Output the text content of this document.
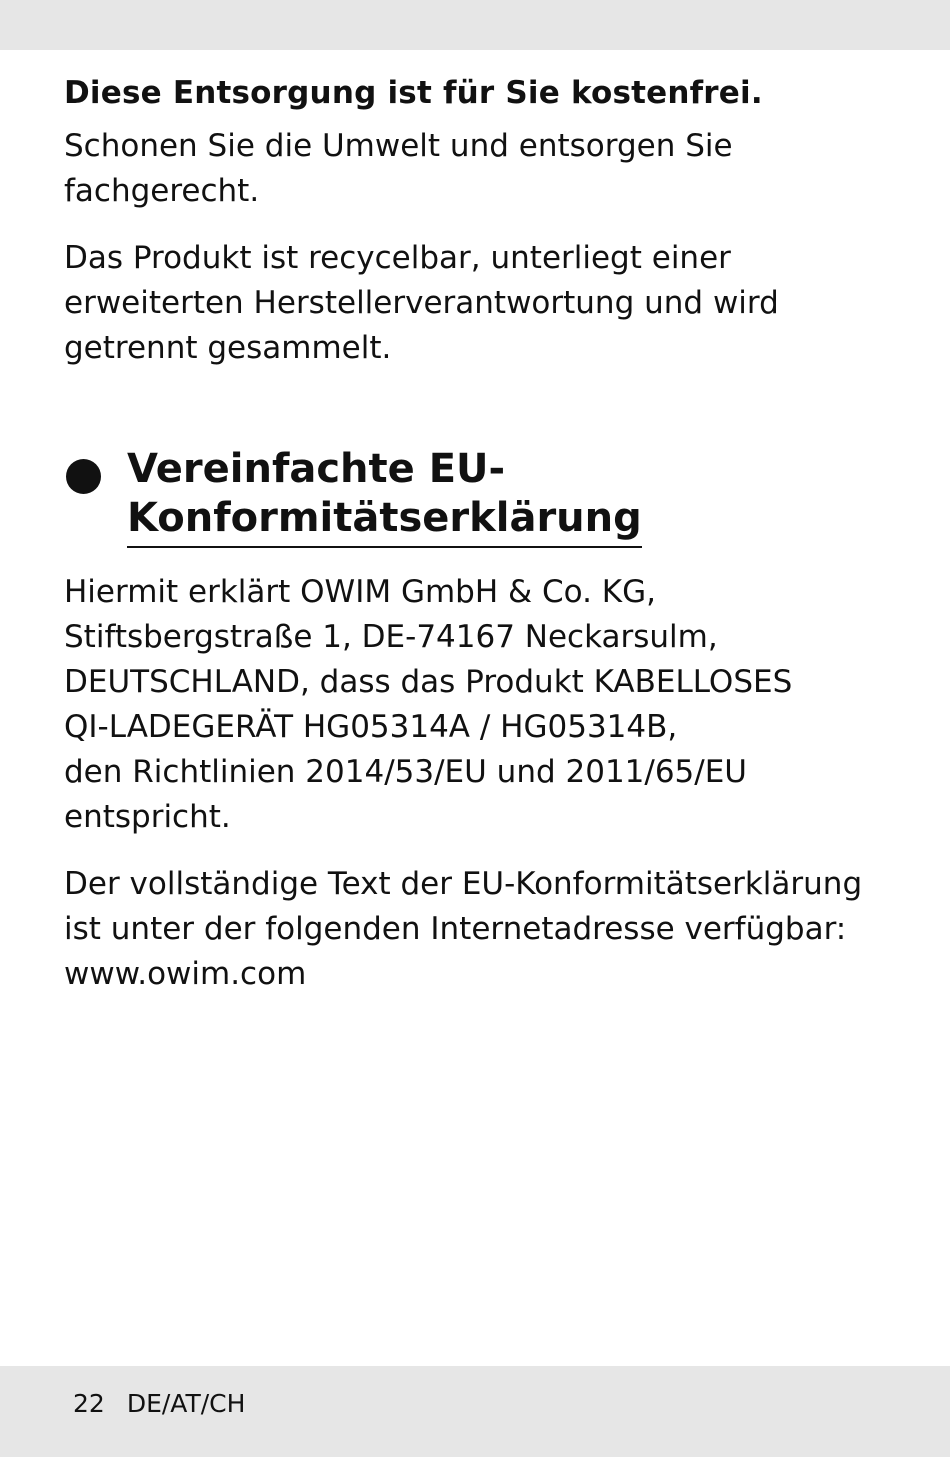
Diese Entsorgung ist für Sie kostenfrei.

Schonen Sie die Umwelt und entsorgen Sie
fachgerecht.

Das Produkt ist recycelbar, unterliegt einer
erweiterten Herstellerverantwortung und wird
getrennt gesammelt.

Vereinfachte EU-
Konformitätserklärung

Hiermit erklärt OWIM GmbH & Co. KG,
Stiftsbergstraße 1, DE-74167 Neckarsulm,
DEUTSCHLAND, dass das Produkt KABELLOSES
QI-LADEGERÄT HG05314A / HG05314B,
den Richtlinien 2014/53/EU und 2011/65/EU
entspricht.

Der vollständige Text der EU-Konformitätserklärung
ist unter der folgenden Internetadresse verfügbar:
www.owim.com

22 DE/AT/CH
